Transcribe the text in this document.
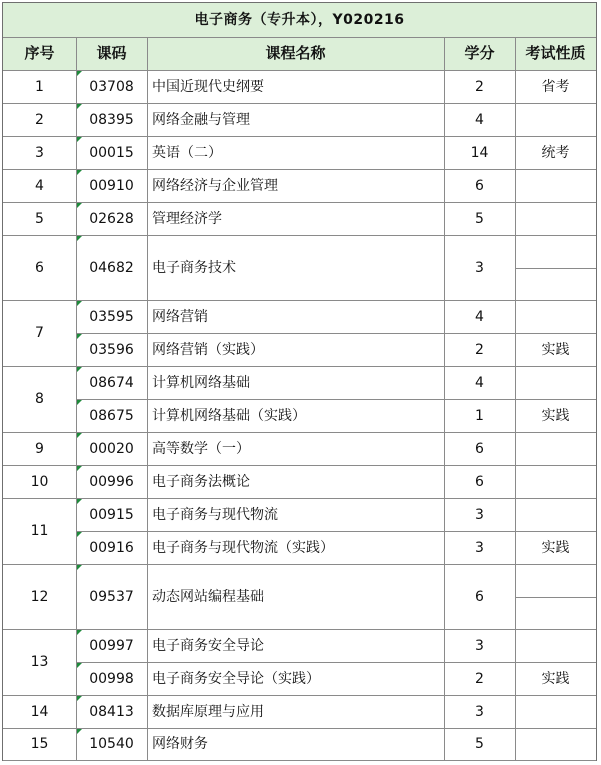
电子商务（专升本），Y020216
序号	课码	课程名称	学分	考试性质
1	03708	中国近现代史纲要	2	省考
2	08395	网络金融与管理	4
3	00015	英语（二）	14	统考
4	00910	网络经济与企业管理	6
5	02628	管理经济学	5
6	04682	电子商务技术	3
7
03595	网络营销	4
03596	网络营销（实践）	2	实践
8
08674	计算机网络基础	4
08675	计算机网络基础（实践）	1	实践
9	00020	高等数学（一）	6
10	00996	电子商务法概论	6
11
00915	电子商务与现代物流	3
00916	电子商务与现代物流（实践）	3	实践
12	09537	动态网站编程基础	6
13
00997	电子商务安全导论	3
00998	电子商务安全导论（实践）	2	实践
14	08413	数据库原理与应用	3
15	10540	网络财务	5
